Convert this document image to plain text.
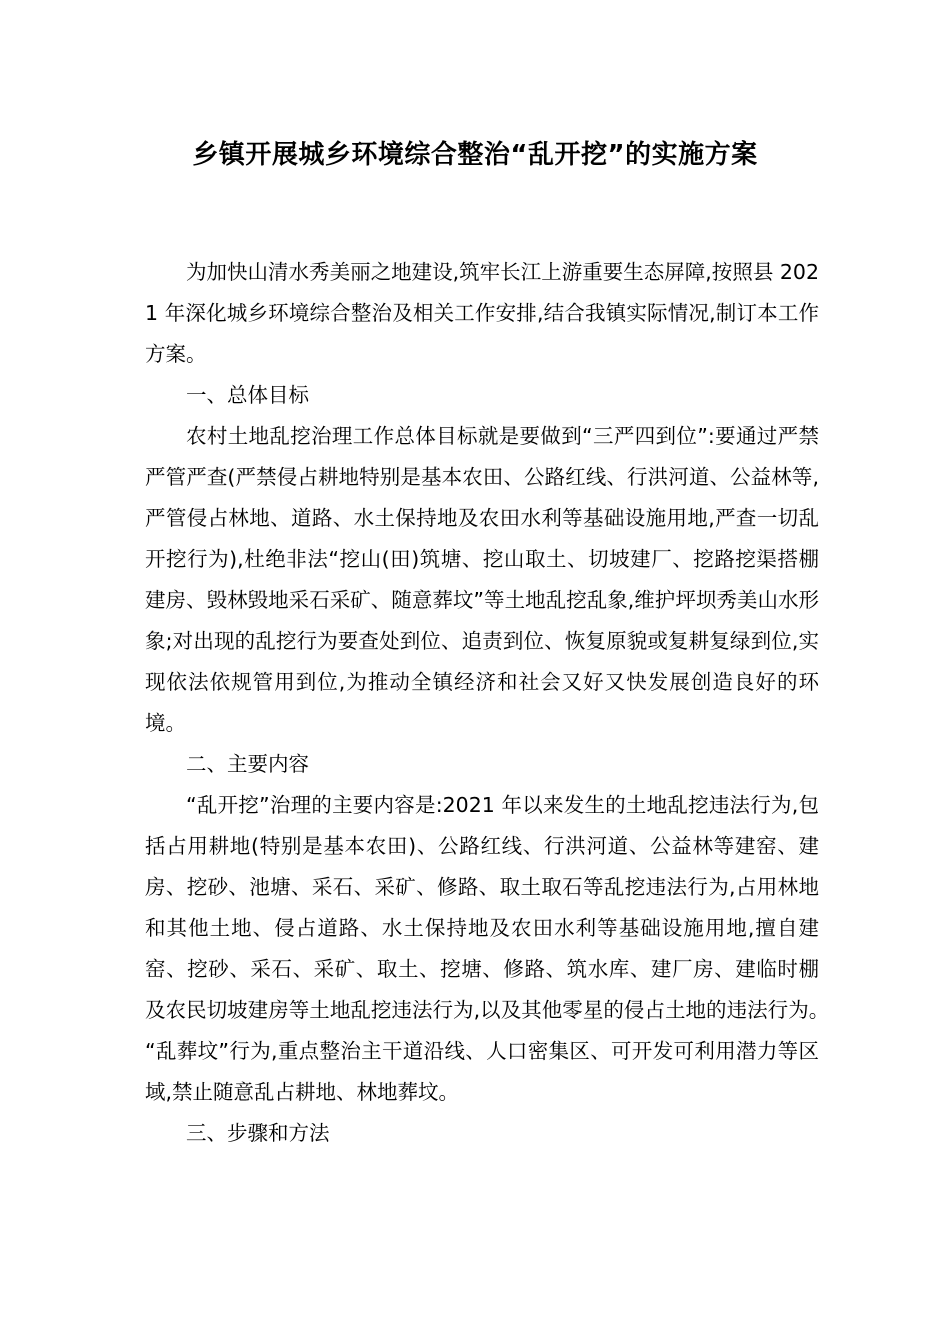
乡镇开展城乡环境综合整治“乱开挖”的实施方案

为加快山清水秀美丽之地建设,筑牢长江上游重要生态屏障,按照县 2021 年深化城乡环境综合整治及相关工作安排,结合我镇实际情况,制订本工作方案。

一、总体目标

农村土地乱挖治理工作总体目标就是要做到“三严四到位”:要通过严禁严管严查(严禁侵占耕地特别是基本农田、公路红线、行洪河道、公益林等,严管侵占林地、道路、水土保持地及农田水利等基础设施用地,严查一切乱开挖行为),杜绝非法“挖山(田)筑塘、挖山取土、切坡建厂、挖路挖渠搭棚建房、毁林毁地采石采矿、随意葬坟”等土地乱挖乱象,维护坪坝秀美山水形象;对出现的乱挖行为要查处到位、追责到位、恢复原貌或复耕复绿到位,实现依法依规管用到位,为推动全镇经济和社会又好又快发展创造良好的环境。

二、主要内容

“乱开挖”治理的主要内容是:2021 年以来发生的土地乱挖违法行为,包括占用耕地(特别是基本农田)、公路红线、行洪河道、公益林等建窑、建房、挖砂、池塘、采石、采矿、修路、取土取石等乱挖违法行为,占用林地和其他土地、侵占道路、水土保持地及农田水利等基础设施用地,擅自建窑、挖砂、采石、采矿、取土、挖塘、修路、筑水库、建厂房、建临时棚及农民切坡建房等土地乱挖违法行为,以及其他零星的侵占土地的违法行为。　 “乱葬坟”行为,重点整治主干道沿线、人口密集区、可开发可利用潜力等区域,禁止随意乱占耕地、林地葬坟。

三、步骤和方法
